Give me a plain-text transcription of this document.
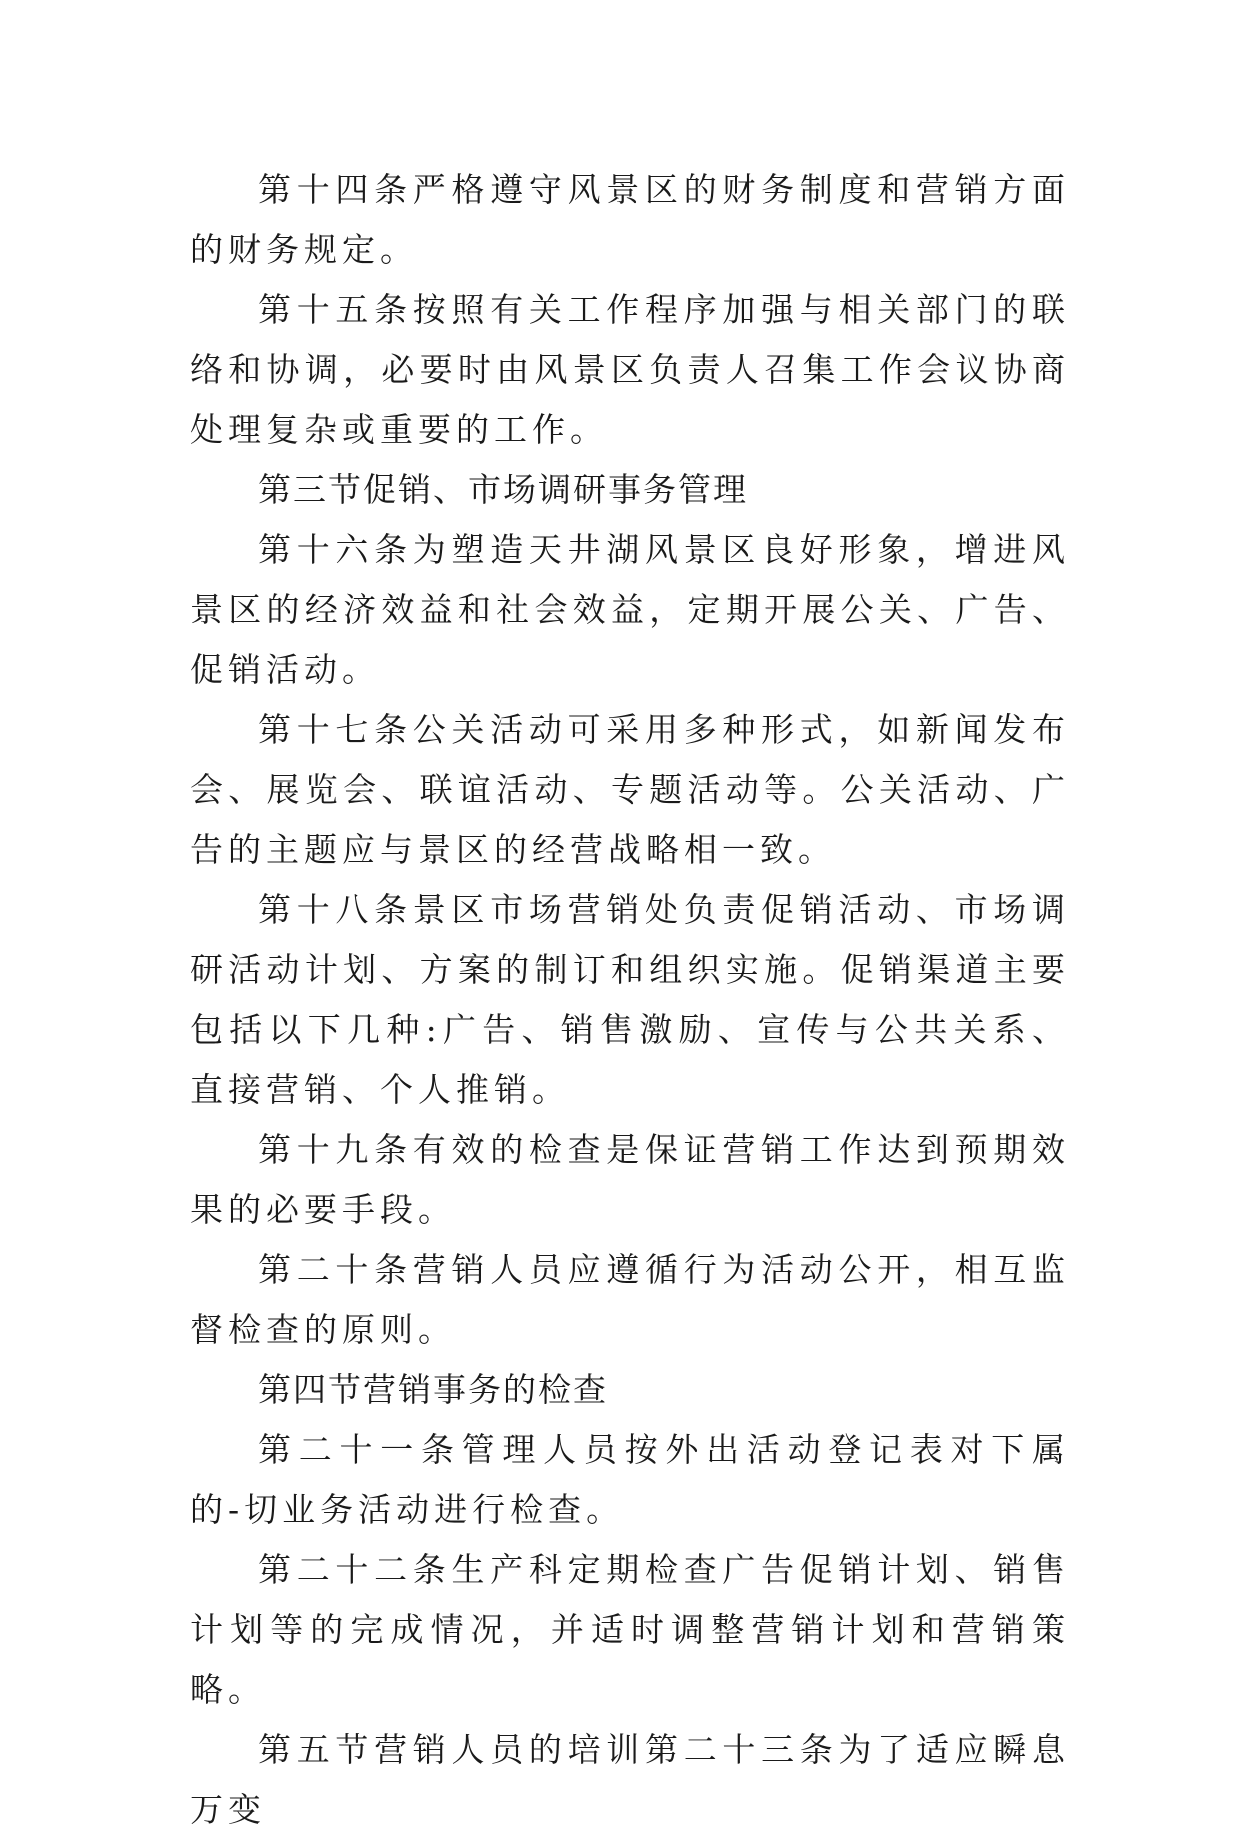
第十四条严格遵守风景区的财务制度和营销方面的财务规定。

第十五条按照有关工作程序加强与相关部门的联络和协调，必要时由风景区负责人召集工作会议协商处理复杂或重要的工作。

第三节促销、市场调研事务管理

第十六条为塑造天井湖风景区良好形象，增进风景区的经济效益和社会效益，定期开展公关、广告、促销活动。

第十七条公关活动可采用多种形式，如新闻发布会、展览会、联谊活动、专题活动等。公关活动、广告的主题应与景区的经营战略相一致。

第十八条景区市场营销处负责促销活动、市场调研活动计划、方案的制订和组织实施。促销渠道主要包括以下几种:广告、销售激励、宣传与公共关系、直接营销、个人推销。

第十九条有效的检查是保证营销工作达到预期效果的必要手段。

第二十条营销人员应遵循行为活动公开，相互监督检查的原则。

第四节营销事务的检查

第二十一条管理人员按外出活动登记表对下属的-切业务活动进行检查。

第二十二条生产科定期检查广告促销计划、销售计划等的完成情况，并适时调整营销计划和营销策略。

第五节营销人员的培训第二十三条为了适应瞬息万变
